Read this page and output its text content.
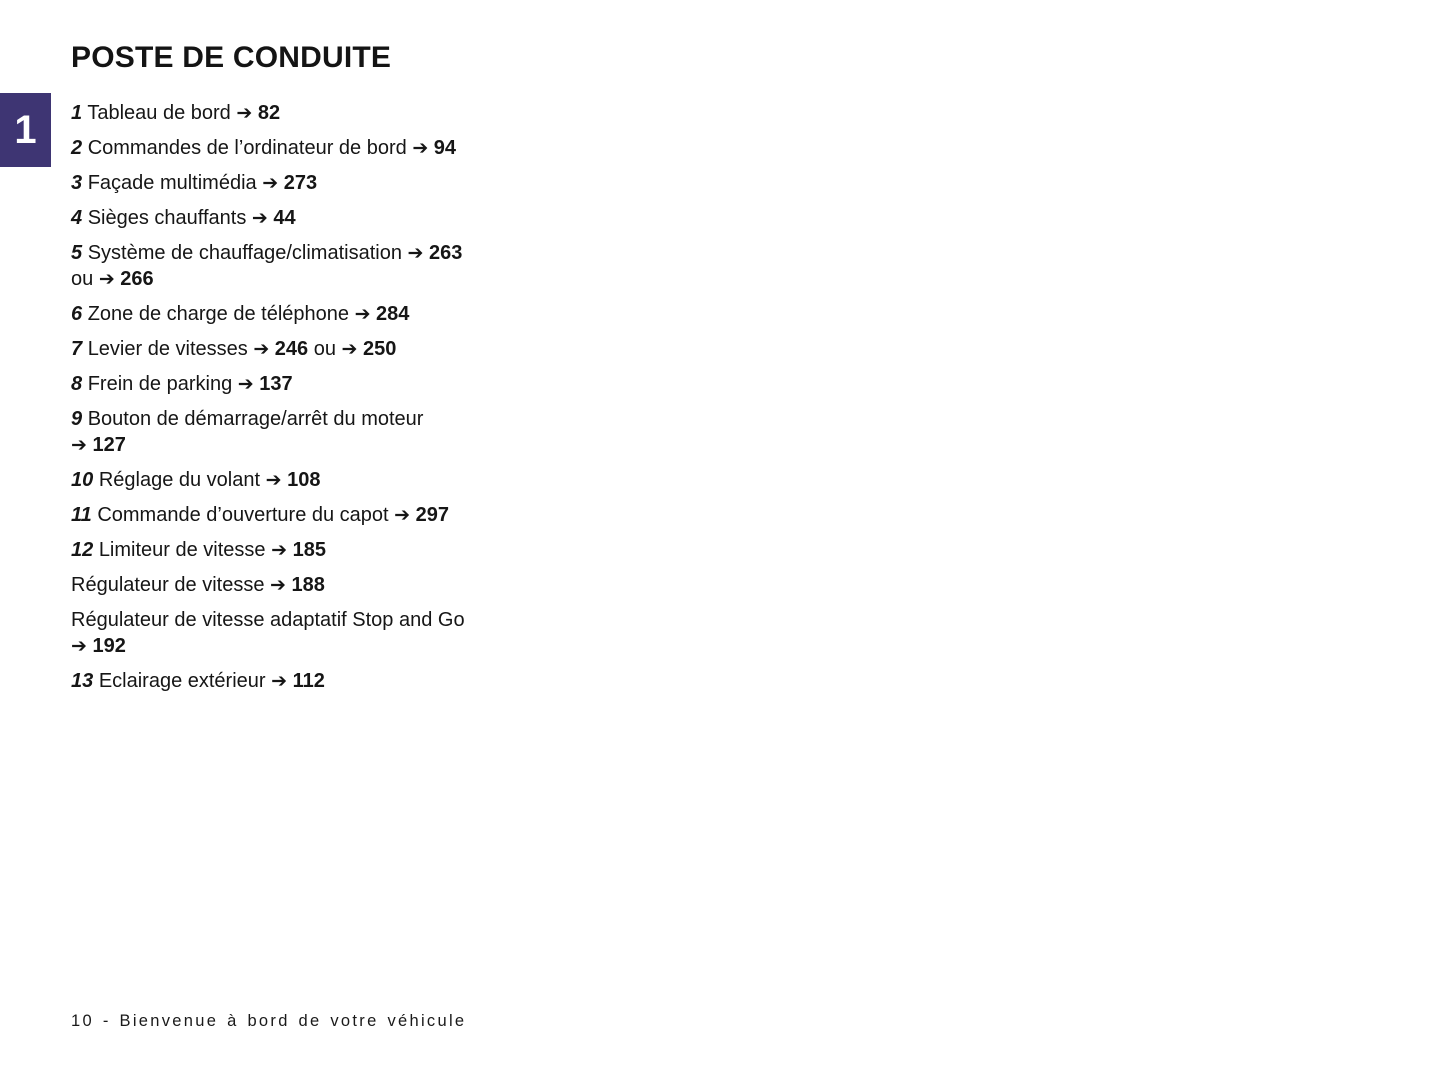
1
POSTE DE CONDUITE
1 Tableau de bord ➔ 82
2 Commandes de l’ordinateur de bord ➔ 94
3 Façade multimédia ➔ 273
4 Sièges chauffants ➔ 44
5 Système de chauffage/climatisation ➔ 263 ou ➔ 266
6 Zone de charge de téléphone ➔ 284
7 Levier de vitesses ➔ 246 ou ➔ 250
8 Frein de parking ➔ 137
9 Bouton de démarrage/arrêt du moteur ➔ 127
10 Réglage du volant ➔ 108
11 Commande d’ouverture du capot ➔ 297
12 Limiteur de vitesse ➔ 185
Régulateur de vitesse ➔ 188
Régulateur de vitesse adaptatif Stop and Go ➔ 192
13 Eclairage extérieur ➔ 112
10 - Bienvenue à bord de votre véhicule
